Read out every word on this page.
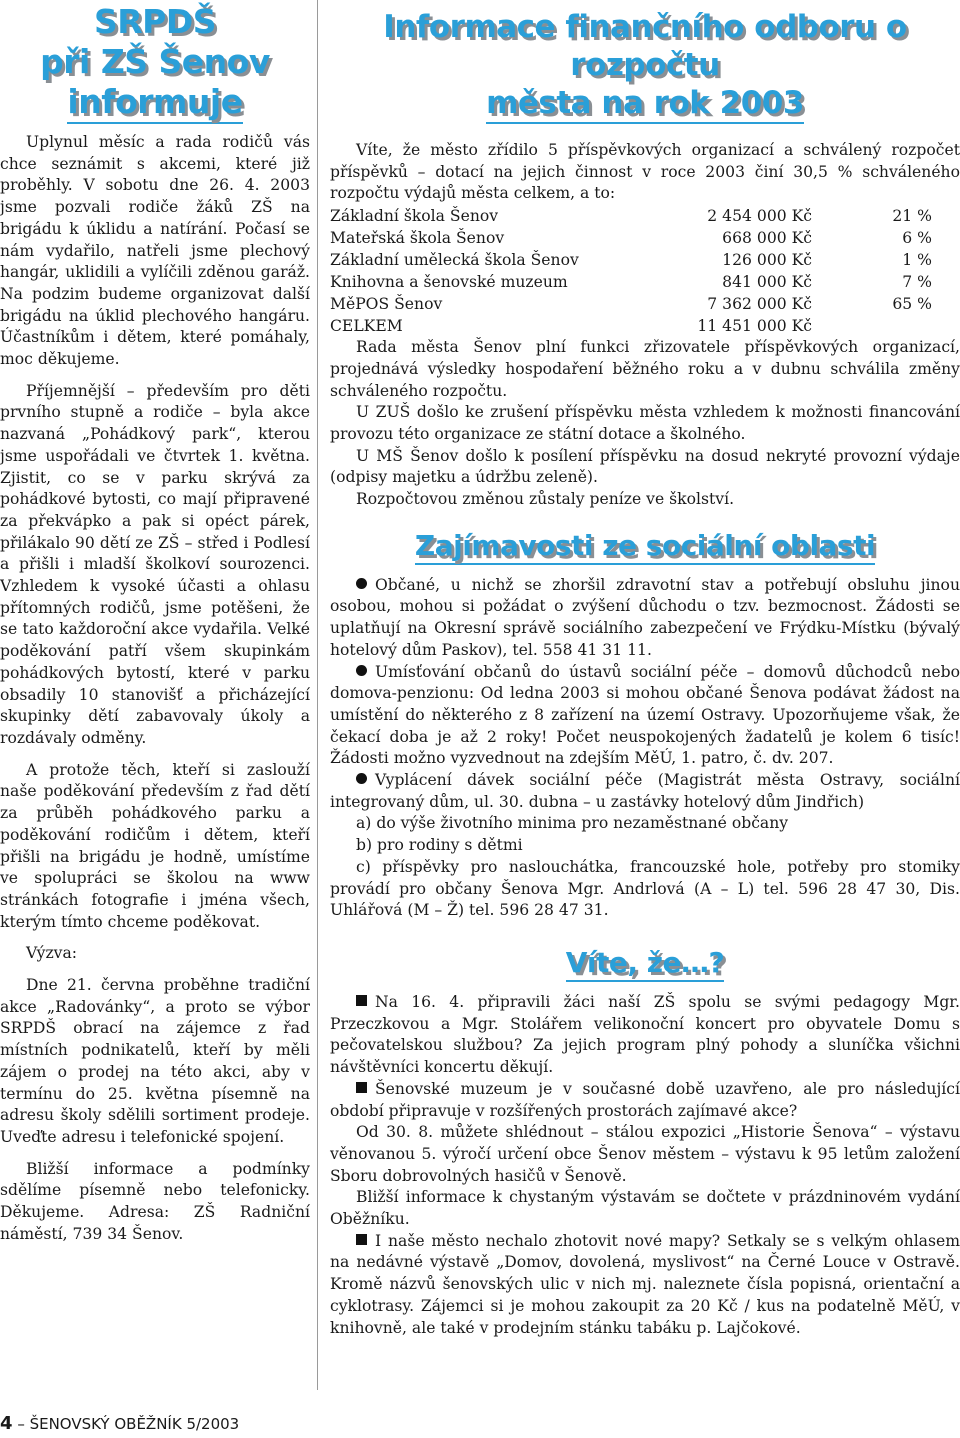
SRPDŠ
při ZŠ Šenov
informuje

Uplynul měsíc a rada rodičů vás chce seznámit s akcemi, které již proběhly. V sobotu dne 26. 4. 2003 jsme pozvali rodiče žáků ZŠ na brigádu k úklidu a natírání. Počasí se nám vydařilo, natřeli jsme plechový hangár, uklidili a vylíčili zděnou garáž. Na podzim budeme organizovat další brigádu na úklid plechového hangáru. Účastníkům i dětem, které pomáhaly, moc děkujeme.

Příjemnější – především pro děti prvního stupně a rodiče – byla akce nazvaná „Pohádkový park“, kterou jsme uspořádali ve čtvrtek 1. května. Zjistit, co se v parku skrývá za pohádkové bytosti, co mají připravené za překvápko a pak si opéct párek, přilákalo 90 dětí ze ZŠ – střed i Podlesí a přišli i mladší školkoví sourozenci. Vzhledem k vysoké účasti a ohlasu přítomných rodičů, jsme potěšeni, že se tato každoroční akce vydařila. Velké poděkování patří všem skupinkám pohádkových bytostí, které v parku obsadily 10 stanovišť a přicházející skupinky dětí zabavovaly úkoly a rozdávaly odměny.

A protože těch, kteří si zaslouží naše poděkování především z řad dětí za průběh pohádkového parku a poděkování rodičům i dětem, kteří přišli na brigádu je hodně, umístíme ve spolupráci se školou na www stránkách fotografie i jména všech, kterým tímto chceme poděkovat.

Výzva:

Dne 21. června proběhne tradiční akce „Radovánky“, a proto se výbor SRPDŠ obrací na zájemce z řad místních podnikatelů, kteří by měli zájem o prodej na této akci, aby v termínu do 25. května písemně na adresu školy sdělili sortiment prodeje. Uveďte adresu i telefonické spojení.

Bližší informace a podmínky sdělíme písemně nebo telefonicky. Děkujeme. Adresa: ZŠ Radniční náměstí, 739 34 Šenov.

Informace finančního odboru o rozpočtu
města na rok 2003

Víte, že město zřídilo 5 příspěvkových organizací a schválený rozpočet příspěvků – dotací na jejich činnost v roce 2003 činí 30,5 % schváleného rozpočtu výdajů města celkem, a to:

Základní škola Šenov	2 454 000 Kč	21 %
Mateřská škola Šenov	668 000 Kč	6 %
Základní umělecká škola Šenov	126 000 Kč	1 %
Knihovna a šenovské muzeum	841 000 Kč	7 %
MěPOS Šenov	7 362 000 Kč	65 %
CELKEM	11 451 000 Kč	

Rada města Šenov plní funkci zřizovatele příspěvkových organizací, projednává výsledky hospodaření běžného roku a v dubnu schválila změny schváleného rozpočtu.

U ZUŠ došlo ke zrušení příspěvku města vzhledem k možnosti financování provozu této organizace ze státní dotace a školného.

U MŠ Šenov došlo k posílení příspěvku na dosud nekryté provozní výdaje (odpisy majetku a údržbu zeleně).

Rozpočtovou změnou zůstaly peníze ve školství.

Zajímavosti ze sociální oblasti

Občané, u nichž se zhoršil zdravotní stav a potřebují obsluhu jinou osobou, mohou si požádat o zvýšení důchodu o tzv. bezmocnost. Žádosti se uplatňují na Okresní správě sociálního zabezpečení ve Frýdku-Místku (bývalý hotelový dům Paskov), tel. 558 41 31 11.

Umísťování občanů do ústavů sociální péče – domovů důchodců nebo domova-penzionu: Od ledna 2003 si mohou občané Šenova podávat žádost na umístění do některého z 8 zařízení na území Ostravy. Upozorňujeme však, že čekací doba je až 2 roky! Počet neuspokojených žadatelů je kolem 6 tisíc! Žádosti možno vyzvednout na zdejším MěÚ, 1. patro, č. dv. 207.

Vyplácení dávek sociální péče (Magistrát města Ostravy, sociální integrovaný dům, ul. 30. dubna – u zastávky hotelový dům Jindřich)

a) do výše životního minima pro nezaměstnané občany

b) pro rodiny s dětmi

c) příspěvky pro naslouchátka, francouzské hole, potřeby pro stomiky provádí pro občany Šenova Mgr. Andrlová (A – L) tel. 596 28 47 30, Dis. Uhlářová (M – Ž) tel. 596 28 47 31.

Víte, že…?

Na 16. 4. připravili žáci naší ZŠ spolu se svými pedagogy Mgr. Przeczkovou a Mgr. Stolářem velikonoční koncert pro obyvatele Domu s pečovatelskou službou? Za jejich program plný pohody a sluníčka všichni návštěvníci koncertu děkují.

Šenovské muzeum je v současné době uzavřeno, ale pro následující období připravuje v rozšířených prostorách zajímavé akce?

Od 30. 8. můžete shlédnout – stálou expozici „Historie Šenova“ – výstavu věnovanou 5. výročí určení obce Šenov městem – výstavu k 95 letům založení Sboru dobrovolných hasičů v Šenově.

Bližší informace k chystaným výstavám se dočtete v prázdninovém vydání Oběžníku.

I naše město nechalo zhotovit nové mapy? Setkaly se s velkým ohlasem na nedávné výstavě „Domov, dovolená, myslivost“ na Černé Louce v Ostravě. Kromě názvů šenovských ulic v nich mj. naleznete čísla popisná, orientační a cyklotrasy. Zájemci si je mohou zakoupit za 20 Kč / kus na podatelně MěÚ, v knihovně, ale také v prodejním stánku tabáku p. Lajčokové.

4 – ŠENOVSKÝ OBĚŽNÍK 5/2003
